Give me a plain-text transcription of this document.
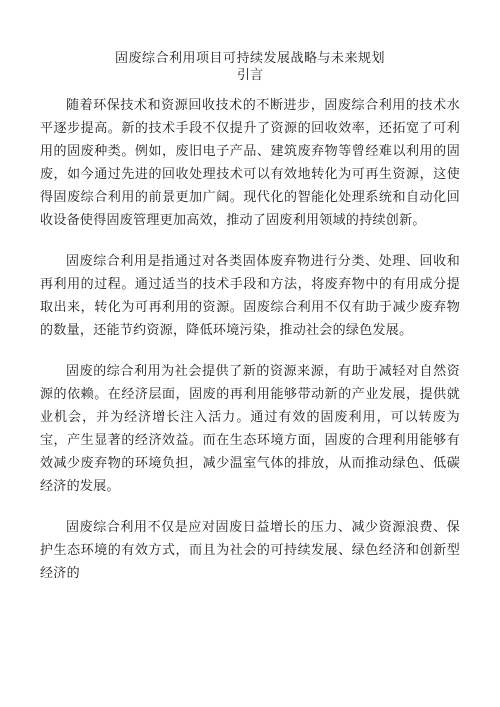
固废综合利用项目可持续发展战略与未来规划

引言

随着环保技术和资源回收技术的不断进步，固废综合利用的技术水平逐步提高。新的技术手段不仅提升了资源的回收效率，还拓宽了可利用的固废种类。例如，废旧电子产品、建筑废弃物等曾经难以利用的固废，如今通过先进的回收处理技术可以有效地转化为可再生资源，这使得固废综合利用的前景更加广阔。现代化的智能化处理系统和自动化回收设备使得固废管理更加高效，推动了固废利用领域的持续创新。

固废综合利用是指通过对各类固体废弃物进行分类、处理、回收和再利用的过程。通过适当的技术手段和方法，将废弃物中的有用成分提取出来，转化为可再利用的资源。固废综合利用不仅有助于减少废弃物的数量，还能节约资源，降低环境污染，推动社会的绿色发展。

固废的综合利用为社会提供了新的资源来源，有助于减轻对自然资源的依赖。在经济层面，固废的再利用能够带动新的产业发展，提供就业机会，并为经济增长注入活力。通过有效的固废利用，可以转废为宝，产生显著的经济效益。而在生态环境方面，固废的合理利用能够有效减少废弃物的环境负担，减少温室气体的排放，从而推动绿色、低碳经济的发展。

固废综合利用不仅是应对固废日益增长的压力、减少资源浪费、保护生态环境的有效方式，而且为社会的可持续发展、绿色经济和创新型经济的
